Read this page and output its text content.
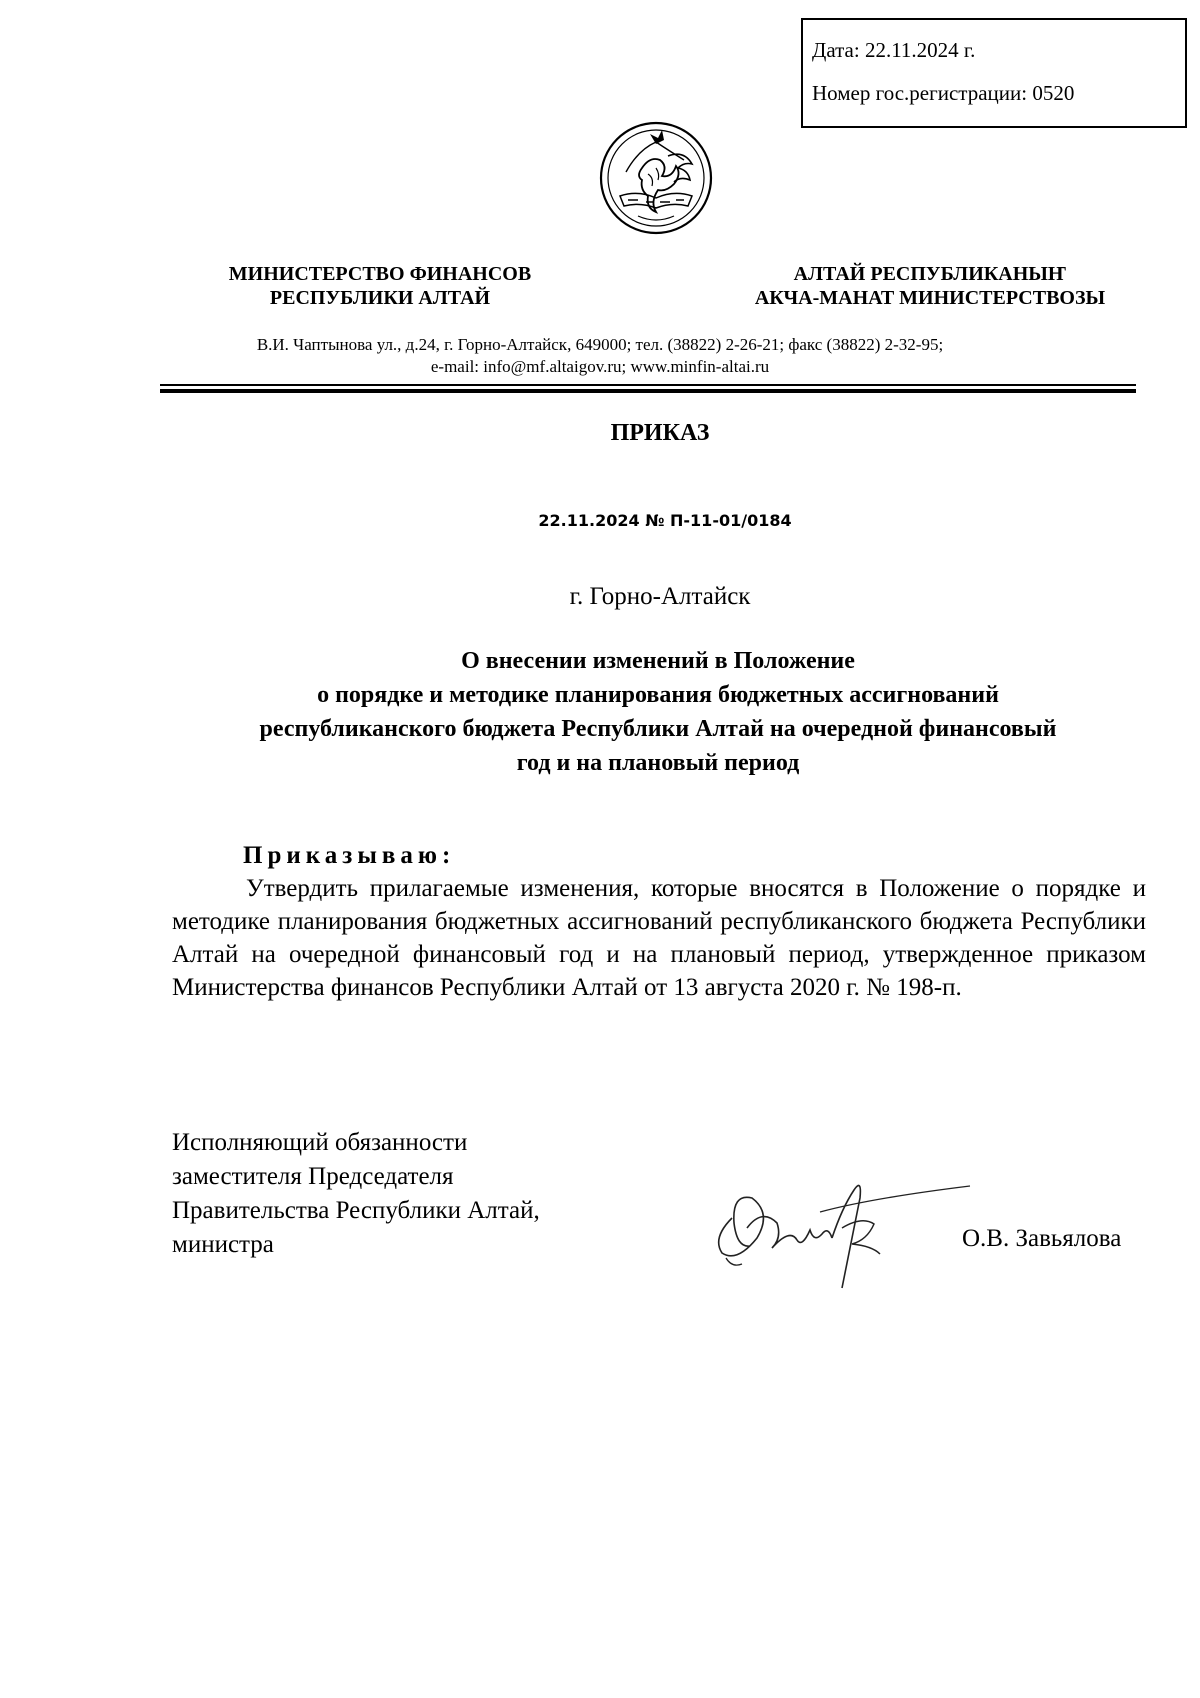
Дата: 22.11.2024 г.
Номер гос.регистрации: 0520
МИНИСТЕРСТВО ФИНАНСОВ
РЕСПУБЛИКИ АЛТАЙ
АЛТАЙ РЕСПУБЛИКАНЫҤ
АКЧА-МАНАТ МИНИСТЕРСТВОЗЫ
В.И. Чаптынова ул., д.24, г. Горно-Алтайск, 649000; тел. (38822) 2-26-21; факс (38822) 2-32-95;
e-mail: info@mf.altaigov.ru; www.minfin-altai.ru
ПРИКАЗ
22.11.2024 № П-11-01/0184
г. Горно-Алтайск
О внесении изменений в Положение
о порядке и методике планирования бюджетных ассигнований
республиканского бюджета Республики Алтай на очередной финансовый
год и на плановый период
Приказываю:
Утвердить прилагаемые изменения, которые вносятся в Положение о порядке и методике планирования бюджетных ассигнований республиканского бюджета Республики Алтай на очередной финансовый год и на плановый период, утвержденное приказом Министерства финансов Республики Алтай от 13 августа 2020 г. № 198-п.
Исполняющий обязанности
заместителя Председателя
Правительства Республики Алтай,
министра	О.В. Завьялова
